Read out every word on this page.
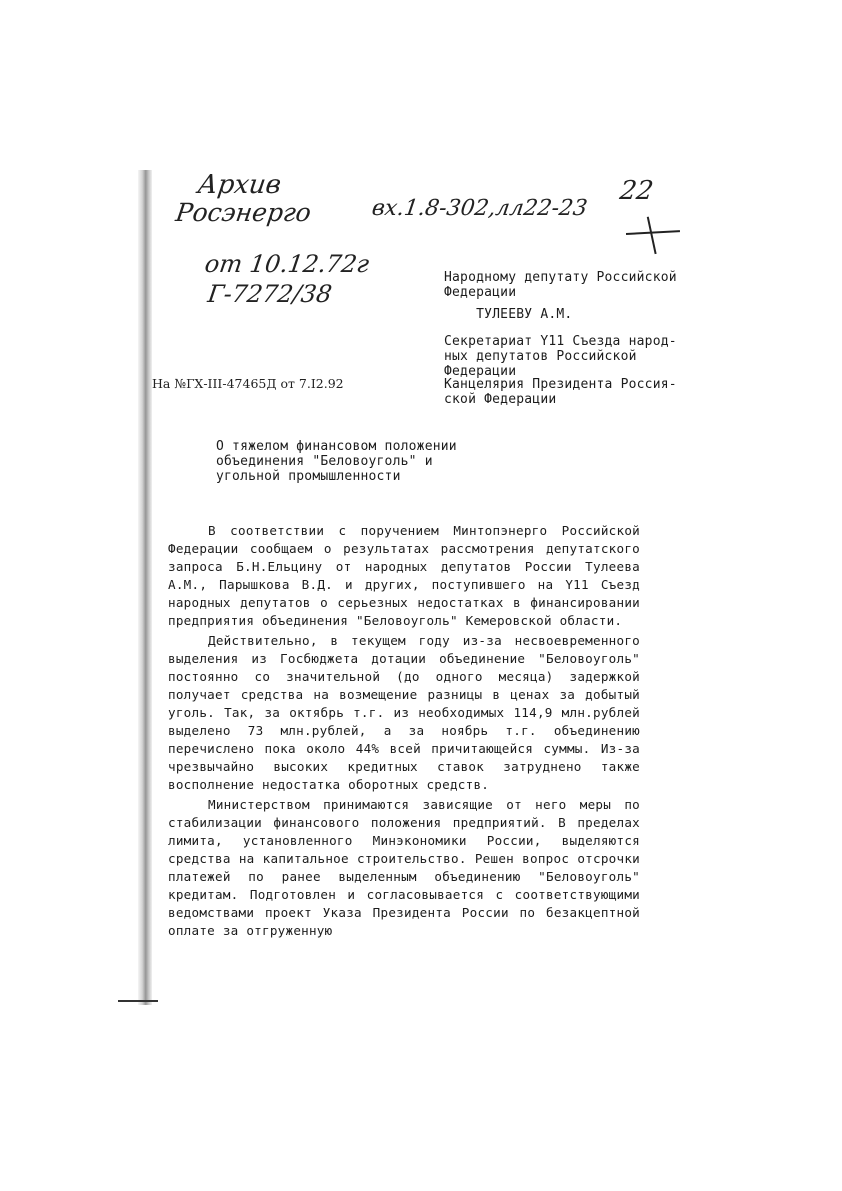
Архив
Росэнерго	вх.1.8-302,лл22-23
22
от 10.12.72г
Г-7272/38
Народному депутату Российской
Федерации
ТУЛЕЕВУ А.М.
Секретариат Y11 Съезда народ-
ных депутатов Российской
Федерации
Канцелярия Президента Россия-
ской Федерации
На №ГХ-III-47465Д от 7.I2.92
О тяжелом финансовом положении
объединения "Беловоуголь" и
угольной промышленности

В соответствии с поручением Минтопэнерго Российской Федерации сообщаем о результатах рассмотрения депутатского запроса Б.Н.Ельцину от народных депутатов России Тулеева А.М., Парышкова В.Д. и других, поступившего на Y11 Съезд народных депутатов о серьезных недостатках в финансировании предприятия объединения "Беловоуголь" Кемеровской области.

Действительно, в текущем году из-за несвоевременного выделения из Госбюджета дотации объединение "Беловоуголь" постоянно со значительной (до одного месяца) задержкой получает средства на возмещение разницы в ценах за добытый уголь. Так, за октябрь т.г. из необходимых 114,9 млн.рублей выделено 73 млн.рублей, а за ноябрь т.г. объединению перечислено пока около 44% всей причитающейся суммы. Из-за чрезвычайно высоких кредитных ставок затруднено также восполнение недостатка оборотных средств.

Министерством принимаются зависящие от него меры по стабилизации финансового положения предприятий. В пределах лимита, установленного Минэкономики России, выделяются средства на капитальное строительство. Решен вопрос отсрочки платежей по ранее выделенным объединению "Беловоуголь" кредитам. Подготовлен и согласовывается с соответствующими ведомствами проект Указа Президента России по безакцептной оплате за отгруженную
